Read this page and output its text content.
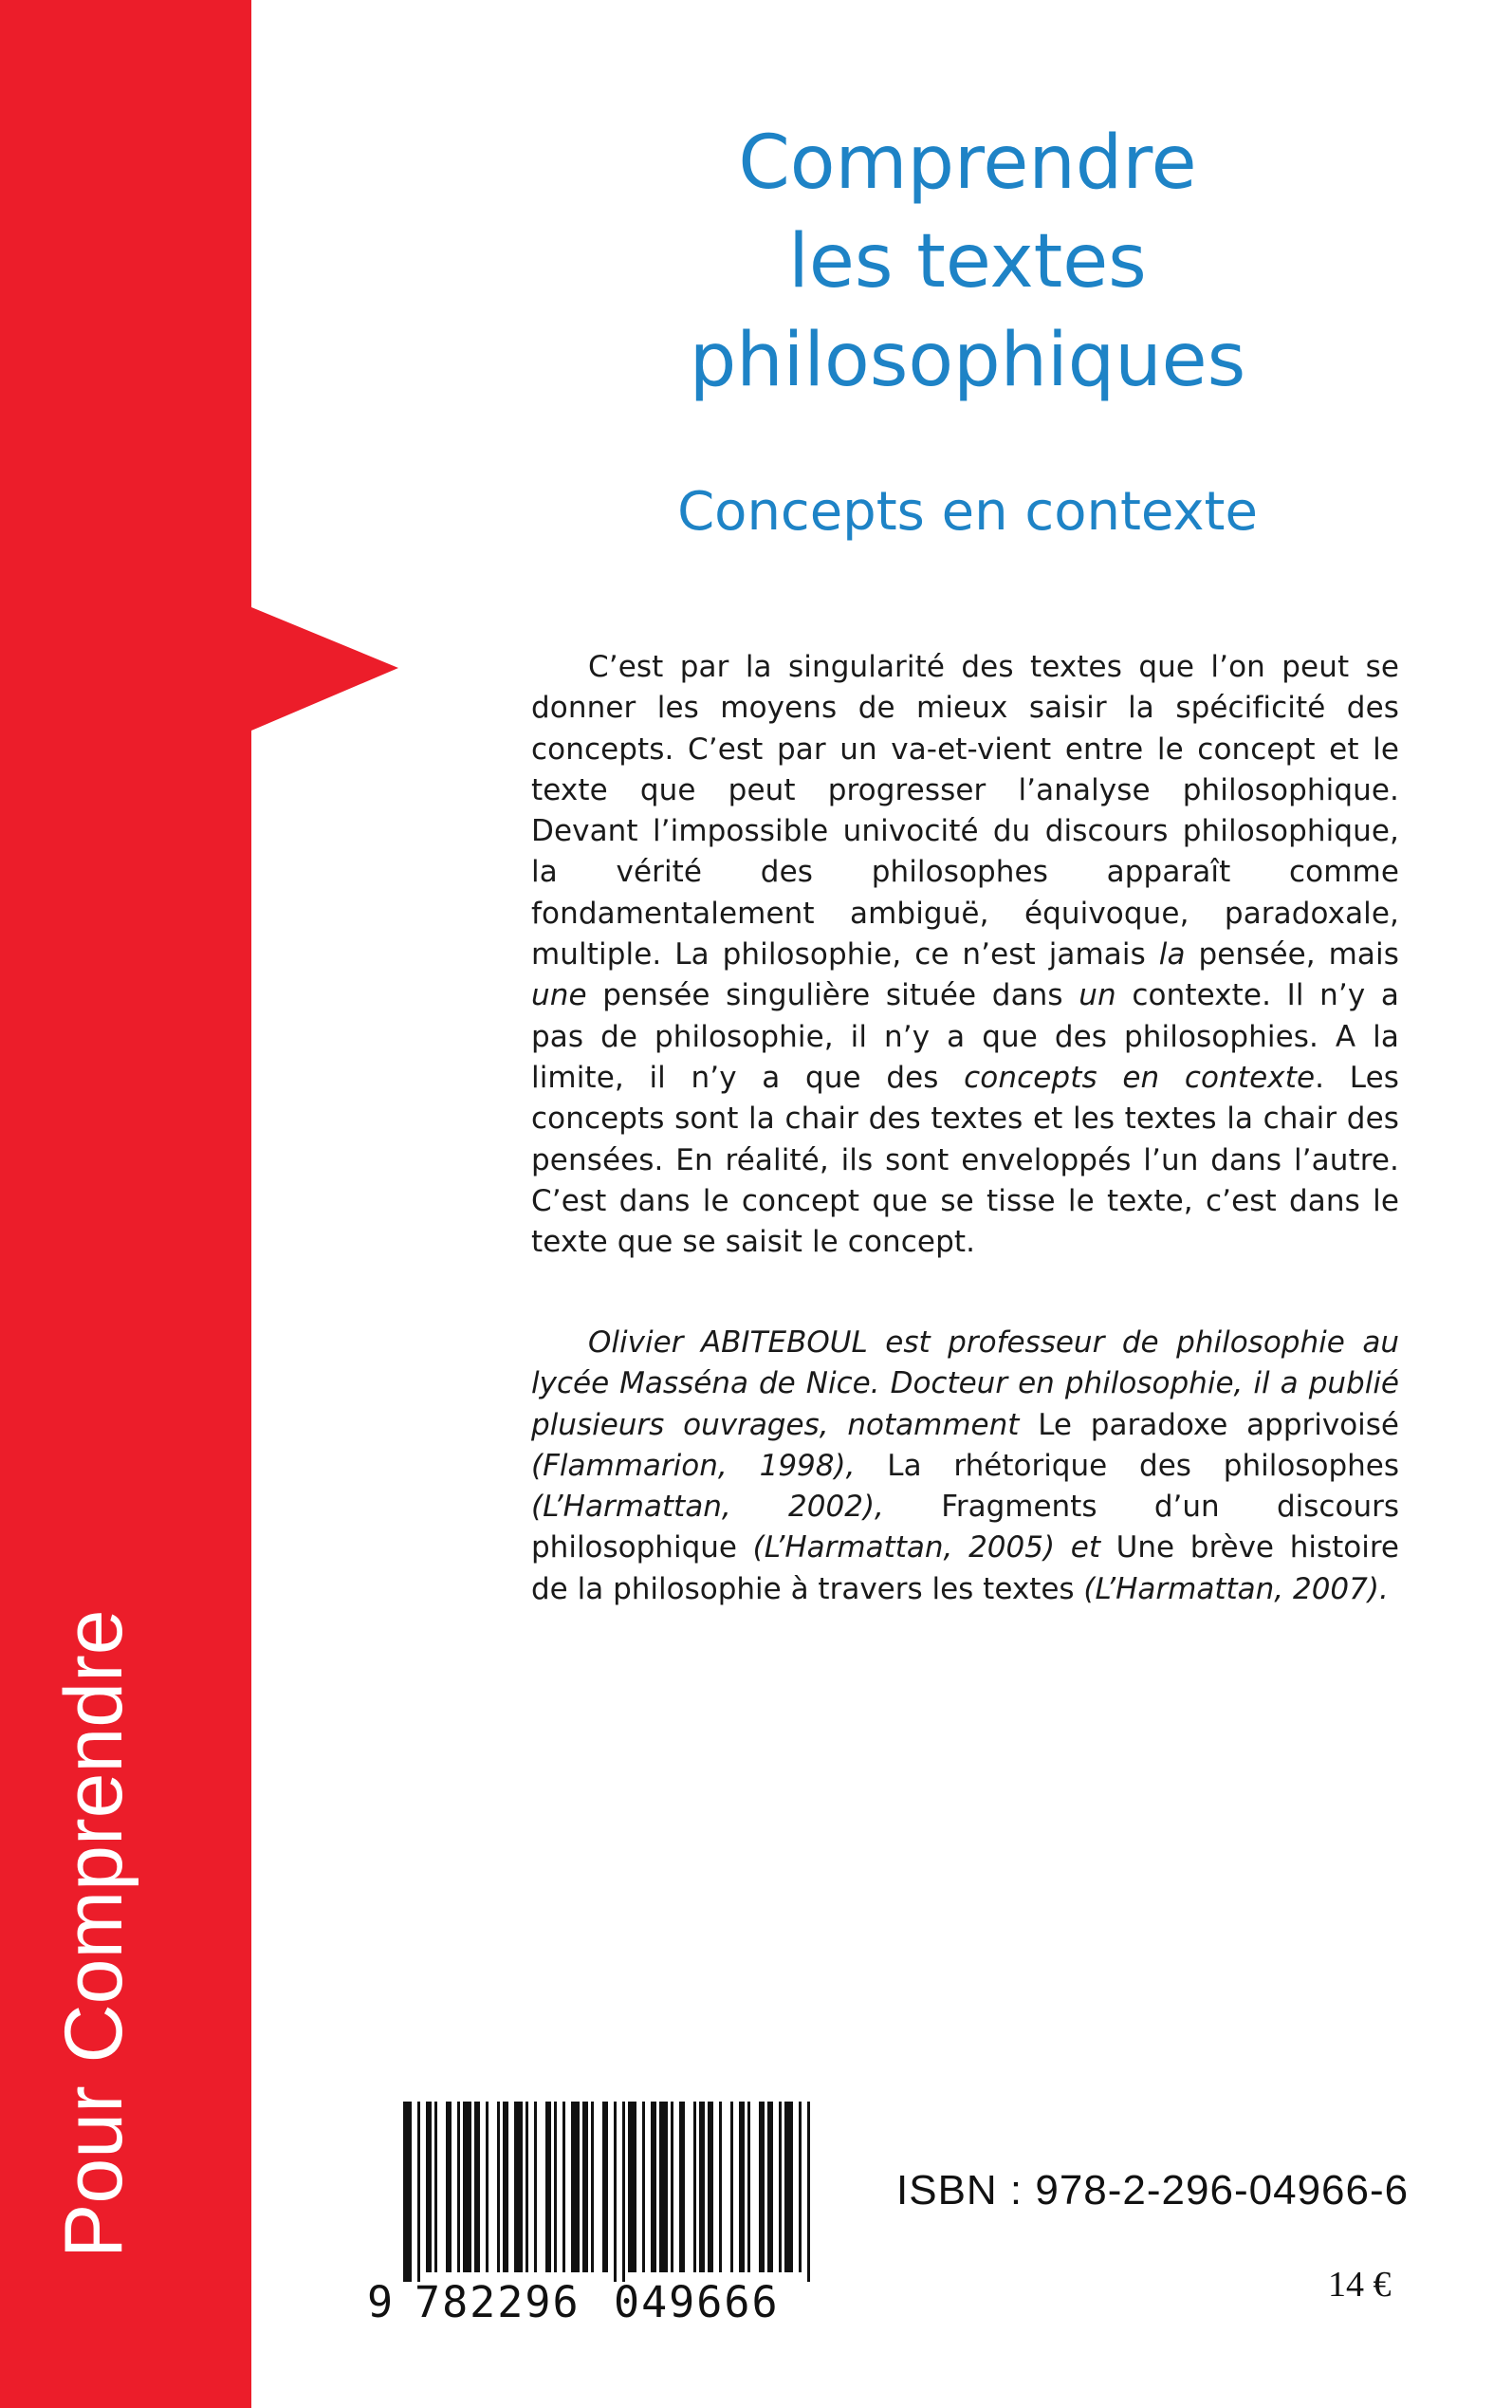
Pour Comprendre
Comprendre
les textes
philosophiques
Concepts en contexte

C’est par la singularité des textes que l’on peut se donner les moyens de mieux saisir la spécificité des concepts. C’est par un va-et-vient entre le concept et le texte que peut progresser l’analyse philosophique. Devant l’impossible univocité du discours philosophique, la vérité des philosophes apparaît comme fondamentalement ambiguë, équivoque, paradoxale, multiple. La philosophie, ce n’est jamais la pensée, mais une pensée singulière située dans un contexte. Il n’y a pas de philosophie, il n’y a que des philosophies. A la limite, il n’y a que des concepts en contexte. Les concepts sont la chair des textes et les textes la chair des pensées. En réalité, ils sont enveloppés l’un dans l’autre. C’est dans le concept que se tisse le texte, c’est dans le texte que se saisit le concept.

Olivier ABITEBOUL est professeur de philosophie au lycée Masséna de Nice. Docteur en philosophie, il a publié plusieurs ouvrages, notamment Le paradoxe apprivoisé (Flammarion, 1998), La rhétorique des philosophes (L’Harmattan, 2002), Fragments d’un discours philosophique (L’Harmattan, 2005) et Une brève histoire de la philosophie à travers les textes (L’Harmattan, 2007).

9 782296 049666
ISBN : 978-2-296-04966-6
14 €
